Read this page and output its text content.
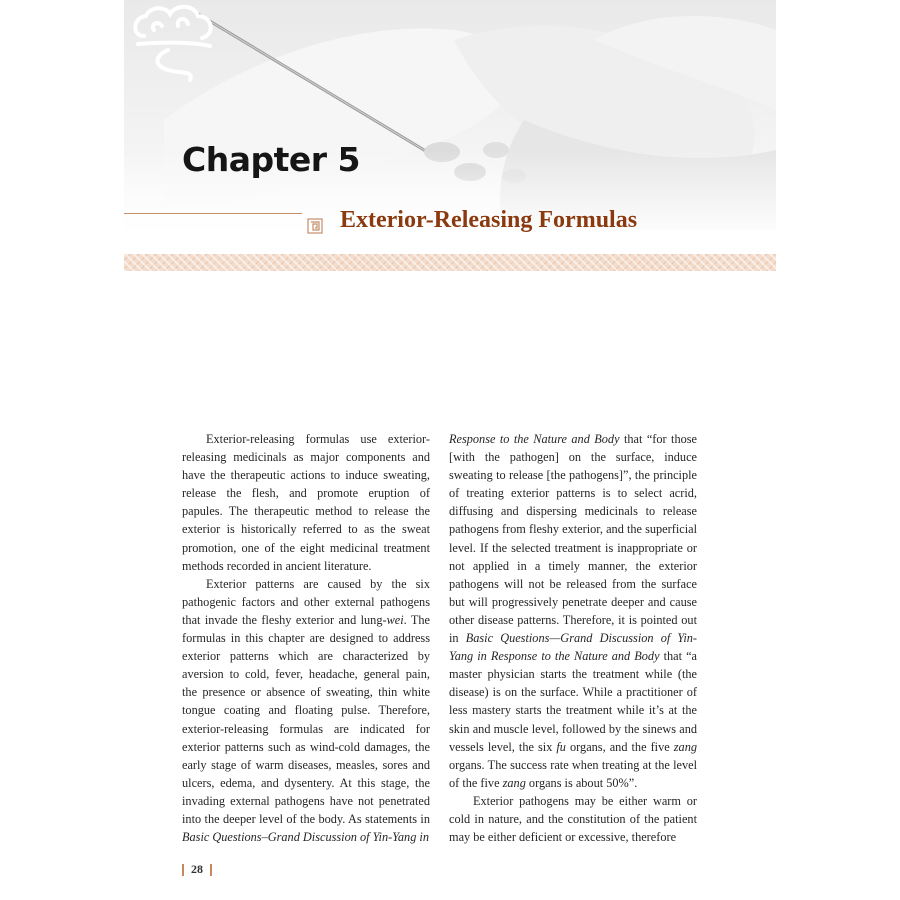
Chapter 5
Exterior-Releasing Formulas

Exterior-releasing formulas use exterior-releasing medicinals as major components and have the therapeutic actions to induce sweating, release the flesh, and promote eruption of papules. The therapeutic method to release the exterior is historically referred to as the sweat promotion, one of the eight medicinal treatment methods recorded in ancient literature.

Exterior patterns are caused by the six pathogenic factors and other external pathogens that invade the fleshy exterior and lung-wei. The formulas in this chapter are designed to address exterior patterns which are characterized by aversion to cold, fever, headache, general pain, the presence or absence of sweating, thin white tongue coating and floating pulse. Therefore, exterior-releasing formulas are indicated for exterior patterns such as wind-cold damages, the early stage of warm diseases, measles, sores and ulcers, edema, and dysentery. At this stage, the invading external pathogens have not penetrated into the deeper level of the body. As statements in Basic Questions–Grand Discussion of Yin-Yang in

Response to the Nature and Body that “for those [with the pathogen] on the surface, induce sweating to release [the pathogens]”, the principle of treating exterior patterns is to select acrid, diffusing and dispersing medicinals to release pathogens from fleshy exterior, and the superficial level. If the selected treatment is inappropriate or not applied in a timely manner, the exterior pathogens will not be released from the surface but will progressively penetrate deeper and cause other disease patterns. Therefore, it is pointed out in Basic Questions—Grand Discussion of Yin-Yang in Response to the Nature and Body that “a master physician starts the treatment while (the disease) is on the surface. While a practitioner of less mastery starts the treatment while it’s at the skin and muscle level, followed by the sinews and vessels level, the six fu organs, and the five zang organs. The success rate when treating at the level of the five zang organs is about 50%”.

Exterior pathogens may be either warm or cold in nature, and the constitution of the patient may be either deficient or excessive, therefore

28
